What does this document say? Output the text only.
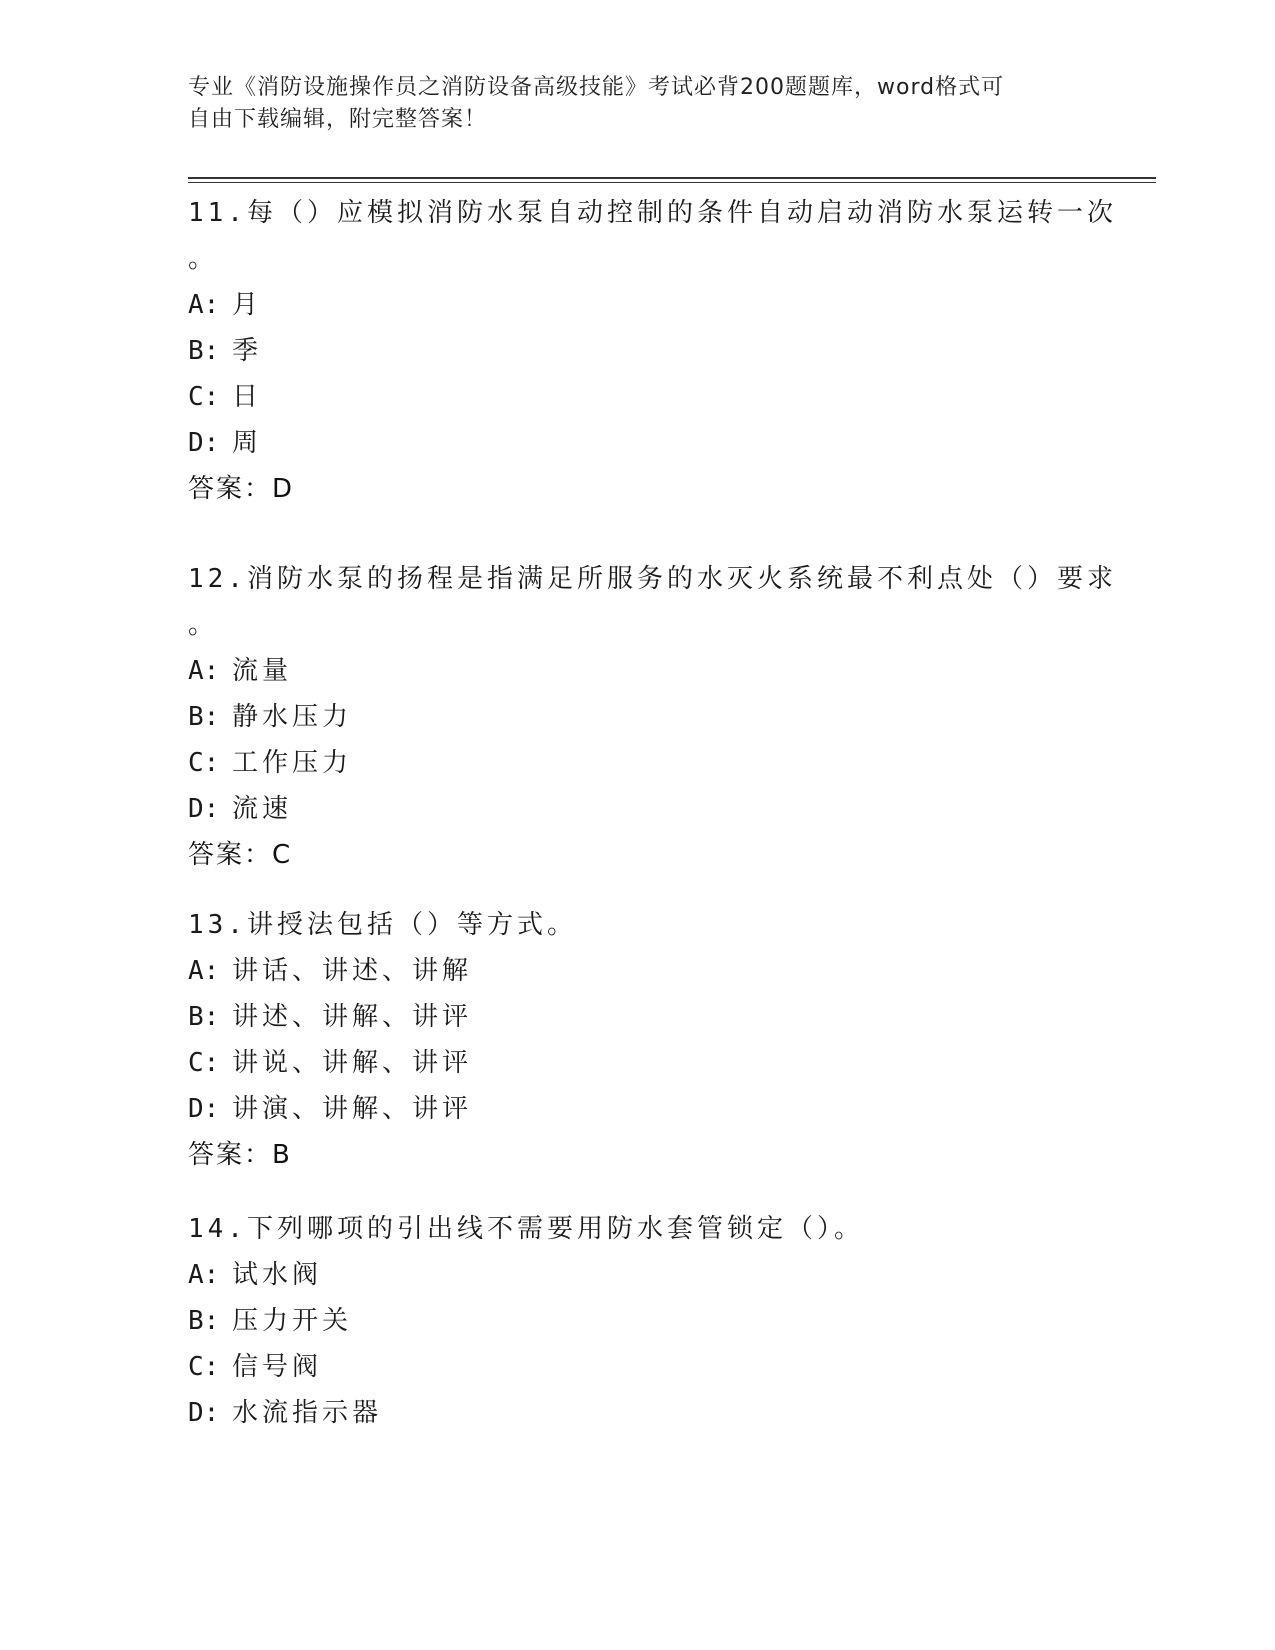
专业《消防设施操作员之消防设备高级技能》考试必背200题题库，word格式可
自由下载编辑，附完整答案！
11.每（）应模拟消防水泵自动控制的条件自动启动消防水泵运转一次
。
A: 月
B: 季
C: 日
D: 周
答案：D
12.消防水泵的扬程是指满足所服务的水灭火系统最不利点处（）要求
。
A: 流量
B: 静水压力
C: 工作压力
D: 流速
答案：C
13.讲授法包括（）等方式。
A: 讲话、讲述、讲解
B: 讲述、讲解、讲评
C: 讲说、讲解、讲评
D: 讲演、讲解、讲评
答案：B
14.下列哪项的引出线不需要用防水套管锁定（）。
A: 试水阀
B: 压力开关
C: 信号阀
D: 水流指示器
